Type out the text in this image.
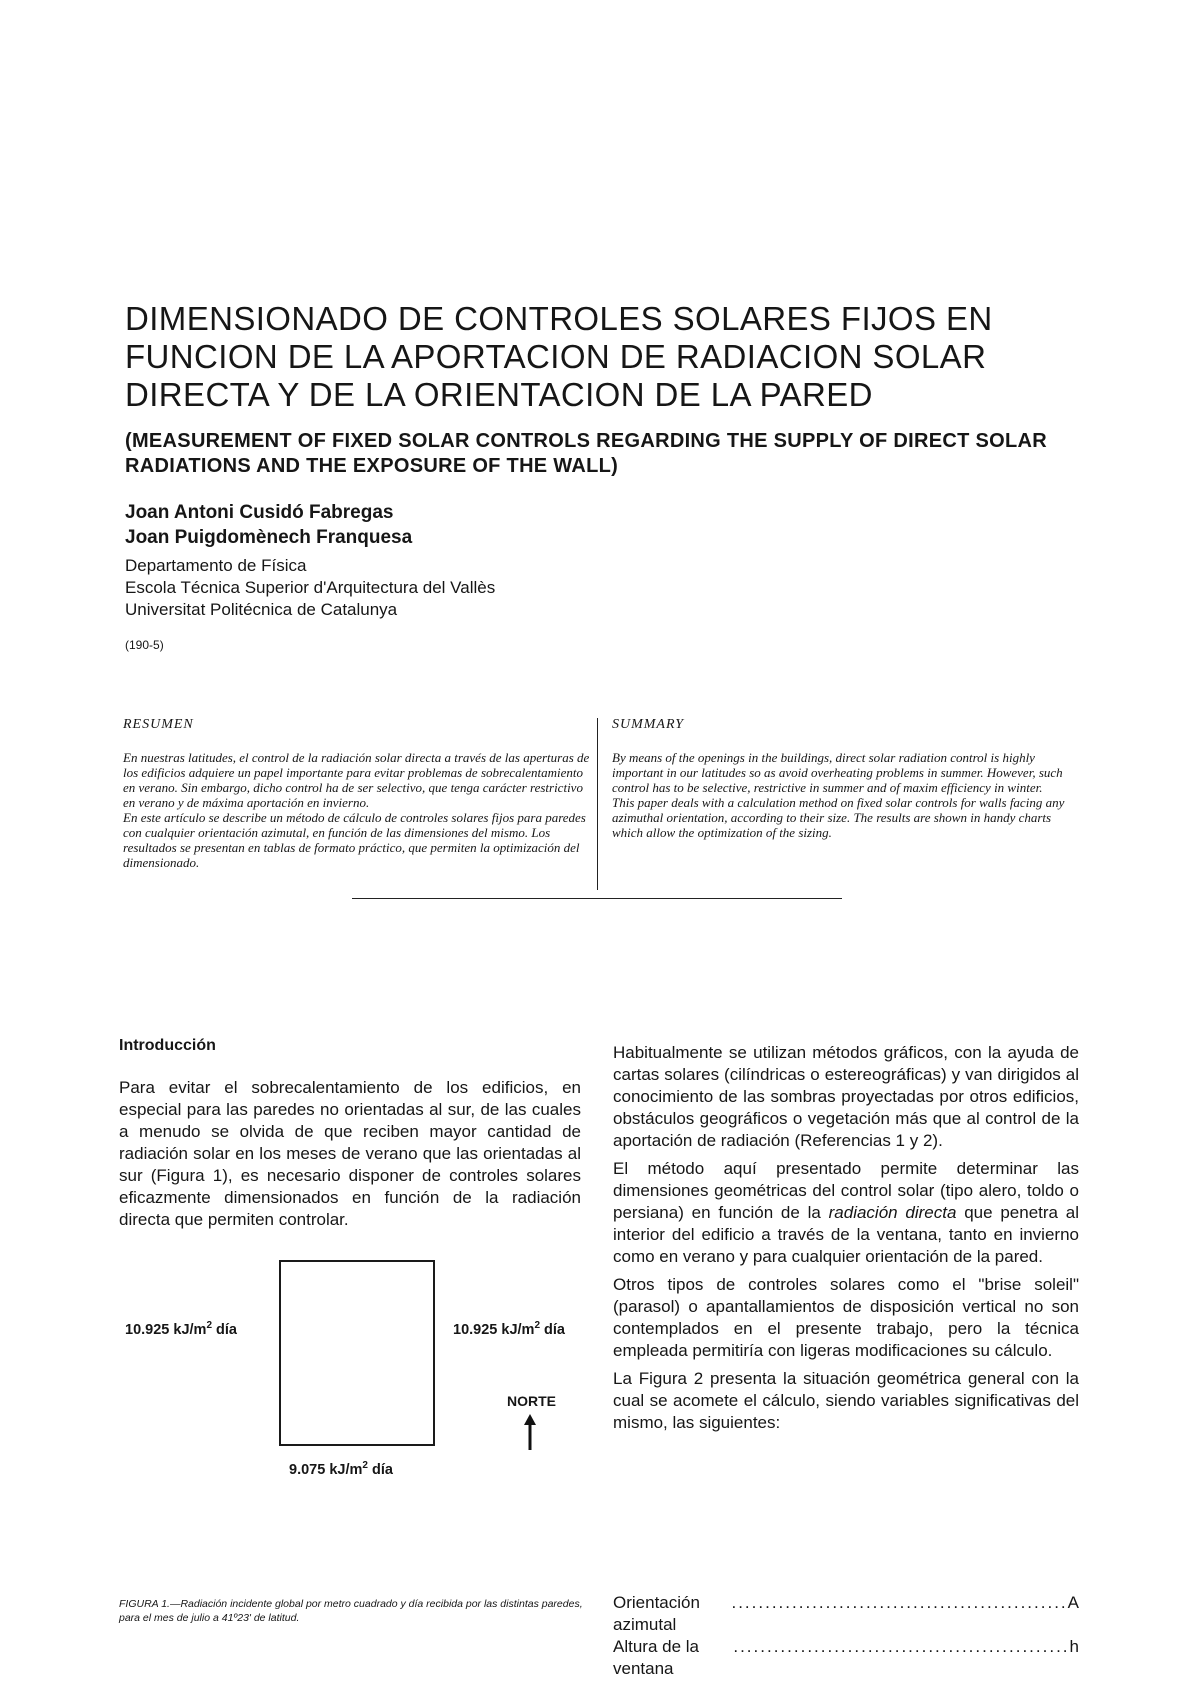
DIMENSIONADO DE CONTROLES SOLARES FIJOS EN FUNCION DE LA APORTACION DE RADIACION SOLAR DIRECTA Y DE LA ORIENTACION DE LA PARED
(MEASUREMENT OF FIXED SOLAR CONTROLS REGARDING THE SUPPLY OF DIRECT SOLAR RADIATIONS AND THE EXPOSURE OF THE WALL)
Joan Antoni Cusidó Fabregas
Joan Puigdomènech Franquesa
Departamento de Física
Escola Técnica Superior d'Arquitectura del Vallès
Universitat Politécnica de Catalunya
(190-5)
RESUMEN

En nuestras latitudes, el control de la radiación solar directa a través de las aperturas de los edificios adquiere un papel importante para evitar problemas de sobrecalentamiento en verano. Sin embargo, dicho control ha de ser selectivo, que tenga carácter restrictivo en verano y de máxima aportación en invierno.

En este artículo se describe un método de cálculo de controles solares fijos para paredes con cualquier orientación azimutal, en función de las dimensiones del mismo. Los resultados se presentan en tablas de formato práctico, que permiten la optimización del dimensionado.

SUMMARY

By means of the openings in the buildings, direct solar radiation control is highly important in our latitudes so as avoid overheating problems in summer. However, such control has to be selective, restrictive in summer and of maxim efficiency in winter.

This paper deals with a calculation method on fixed solar controls for walls facing any azimuthal orientation, according to their size. The results are shown in handy charts which allow the optimization of the sizing.

Introducción

Para evitar el sobrecalentamiento de los edificios, en especial para las paredes no orientadas al sur, de las cuales a menudo se olvida de que reciben mayor cantidad de radiación solar en los meses de verano que las orientadas al sur (Figura 1), es necesario disponer de controles solares eficazmente dimensionados en función de la radiación directa que permiten controlar.

10.925 $kJ/m^2$ día	10.925 $kJ/m^2$ día
9.075 $kJ/m^2$ día
NORTE

FIGURA 1.—Radiación incidente global por metro cuadrado y día recibida por las distintas paredes, para el mes de julio a 41º23' de latitud.

Habitualmente se utilizan métodos gráficos, con la ayuda de cartas solares (cilíndricas o estereográficas) y van dirigidos al conocimiento de las sombras proyectadas por otros edificios, obstáculos geográficos o vegetación más que al control de la aportación de radiación (Referencias 1 y 2).

El método aquí presentado permite determinar las dimensiones geométricas del control solar (tipo alero, toldo o persiana) en función de la radiación directa que penetra al interior del edificio a través de la ventana, tanto en invierno como en verano y para cualquier orientación de la pared.

Otros tipos de controles solares como el "brise soleil" (parasol) o apantallamientos de disposición vertical no son contemplados en el presente trabajo, pero la técnica empleada permitiría con ligeras modificaciones su cálculo.

La Figura 2 presenta la situación geométrica general con la cual se acomete el cálculo, siendo variables significativas del mismo, las siguientes:

Orientación azimutal
.................................................. A
Altura de la ventana
.................................................. h
